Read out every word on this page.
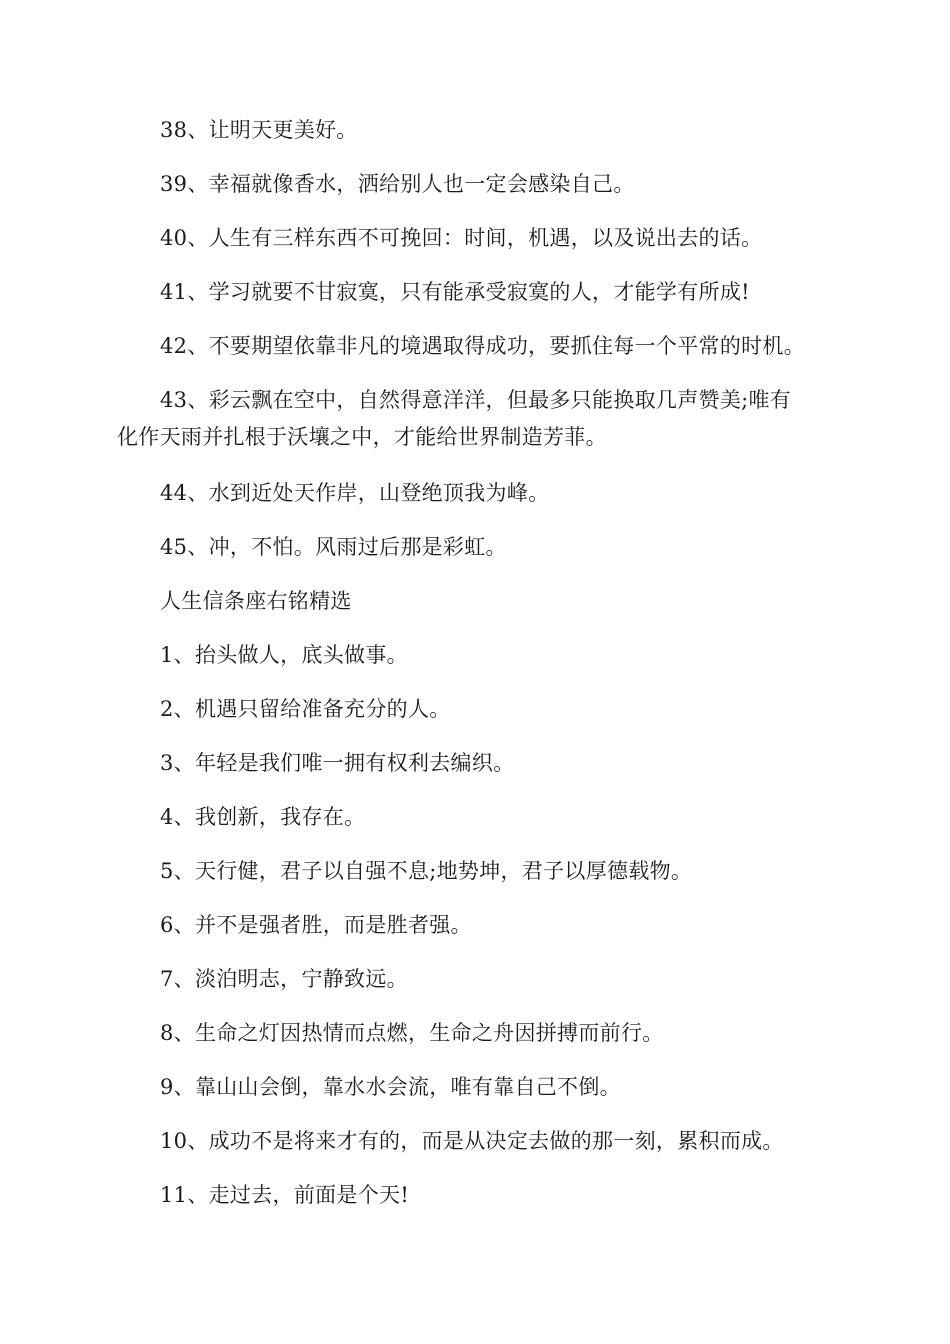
38、让明天更美好。
39、幸福就像香水，洒给别人也一定会感染自己。
40、人生有三样东西不可挽回：时间，机遇，以及说出去的话。
41、学习就要不甘寂寞，只有能承受寂寞的人，才能学有所成!
42、不要期望依靠非凡的境遇取得成功，要抓住每一个平常的时机。
43、彩云飘在空中，自然得意洋洋，但最多只能换取几声赞美;唯有
化作天雨并扎根于沃壤之中，才能给世界制造芳菲。
44、水到近处天作岸，山登绝顶我为峰。
45、冲，不怕。风雨过后那是彩虹。
人生信条座右铭精选
1、抬头做人，底头做事。
2、机遇只留给准备充分的人。
3、年轻是我们唯一拥有权利去编织。
4、我创新，我存在。
5、天行健，君子以自强不息;地势坤，君子以厚德载物。
6、并不是强者胜，而是胜者强。
7、淡泊明志，宁静致远。
8、生命之灯因热情而点燃，生命之舟因拼搏而前行。
9、靠山山会倒，靠水水会流，唯有靠自己不倒。
10、成功不是将来才有的，而是从决定去做的那一刻，累积而成。
11、走过去，前面是个天!
